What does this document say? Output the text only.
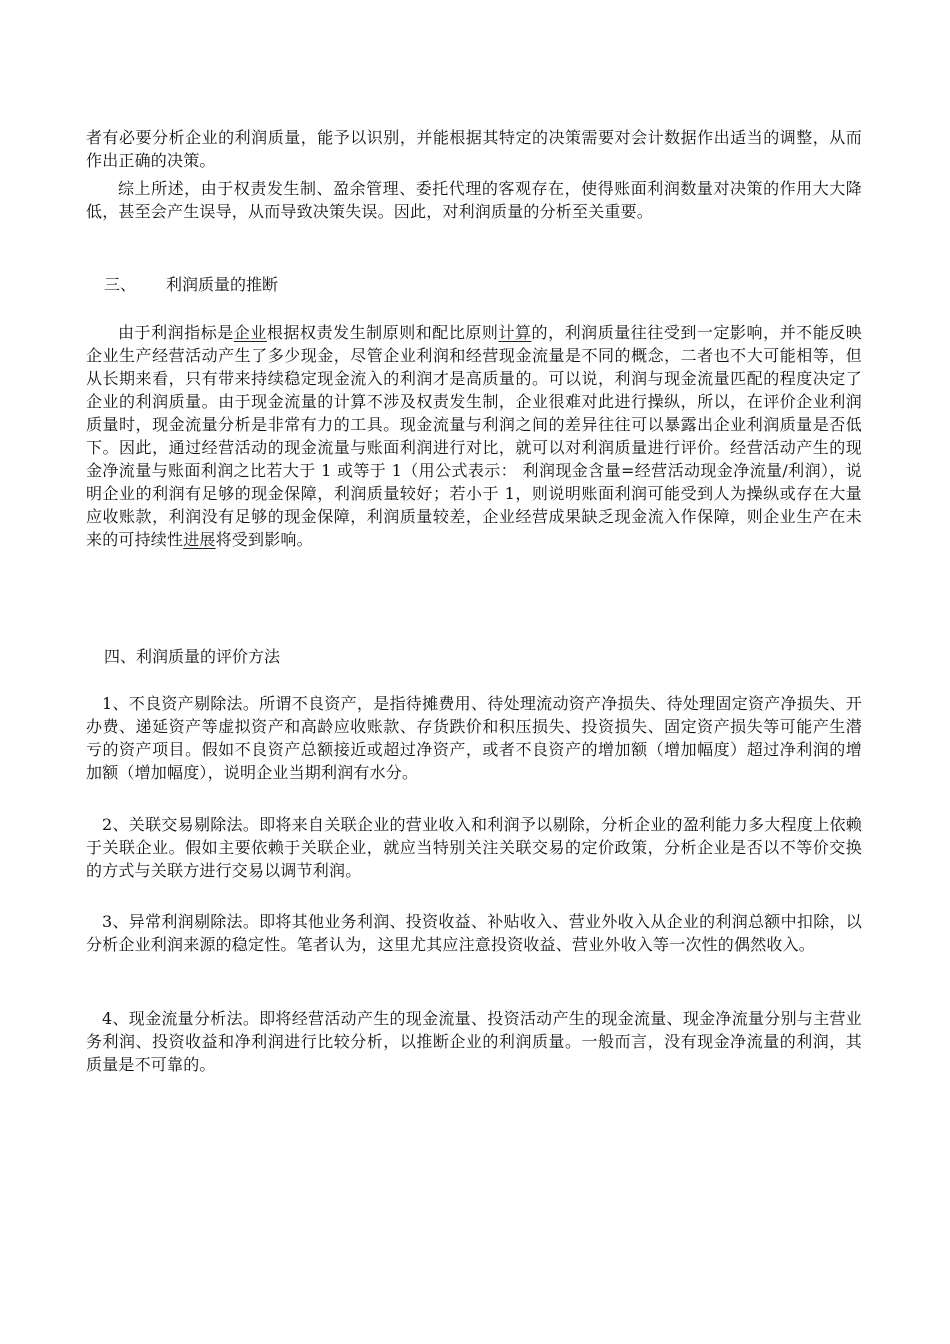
者有必要分析企业的利润质量，能予以识别，并能根据其特定的决策需要对会计数据作出适当的调整，从而作出正确的决策。

综上所述，由于权责发生制、盈余管理、委托代理的客观存在，使得账面利润数量对决策的作用大大降低，甚至会产生误导，从而导致决策失误。因此，对利润质量的分析至关重要。

三、 利润质量的推断

由于利润指标是企业根据权责发生制原则和配比原则计算的，利润质量往往受到一定影响，并不能反映企业生产经营活动产生了多少现金，尽管企业利润和经营现金流量是不同的概念，二者也不大可能相等，但从长期来看，只有带来持续稳定现金流入的利润才是高质量的。可以说，利润与现金流量匹配的程度决定了企业的利润质量。由于现金流量的计算不涉及权责发生制，企业很难对此进行操纵，所以，在评价企业利润质量时，现金流量分析是非常有力的工具。现金流量与利润之间的差异往往可以暴露出企业利润质量是否低下。因此，通过经营活动的现金流量与账面利润进行对比，就可以对利润质量进行评价。经营活动产生的现金净流量与账面利润之比若大于 1 或等于 1（用公式表示： 利润现金含量=经营活动现金净流量/利润），说明企业的利润有足够的现金保障，利润质量较好；若小于 1，则说明账面利润可能受到人为操纵或存在大量应收账款，利润没有足够的现金保障，利润质量较差，企业经营成果缺乏现金流入作保障，则企业生产在未来的可持续性进展将受到影响。

四、利润质量的评价方法

1、不良资产剔除法。所谓不良资产，是指待摊费用、待处理流动资产净损失、待处理固定资产净损失、开办费、递延资产等虚拟资产和高龄应收账款、存货跌价和积压损失、投资损失、固定资产损失等可能产生潜亏的资产项目。假如不良资产总额接近或超过净资产，或者不良资产的增加额（增加幅度）超过净利润的增加额（增加幅度），说明企业当期利润有水分。

2、关联交易剔除法。即将来自关联企业的营业收入和利润予以剔除，分析企业的盈利能力多大程度上依赖于关联企业。假如主要依赖于关联企业，就应当特别关注关联交易的定价政策，分析企业是否以不等价交换的方式与关联方进行交易以调节利润。

3、异常利润剔除法。即将其他业务利润、投资收益、补贴收入、营业外收入从企业的利润总额中扣除，以分析企业利润来源的稳定性。笔者认为，这里尤其应注意投资收益、营业外收入等一次性的偶然收入。

4、现金流量分析法。即将经营活动产生的现金流量、投资活动产生的现金流量、现金净流量分别与主营业务利润、投资收益和净利润进行比较分析，以推断企业的利润质量。一般而言，没有现金净流量的利润，其质量是不可靠的。
